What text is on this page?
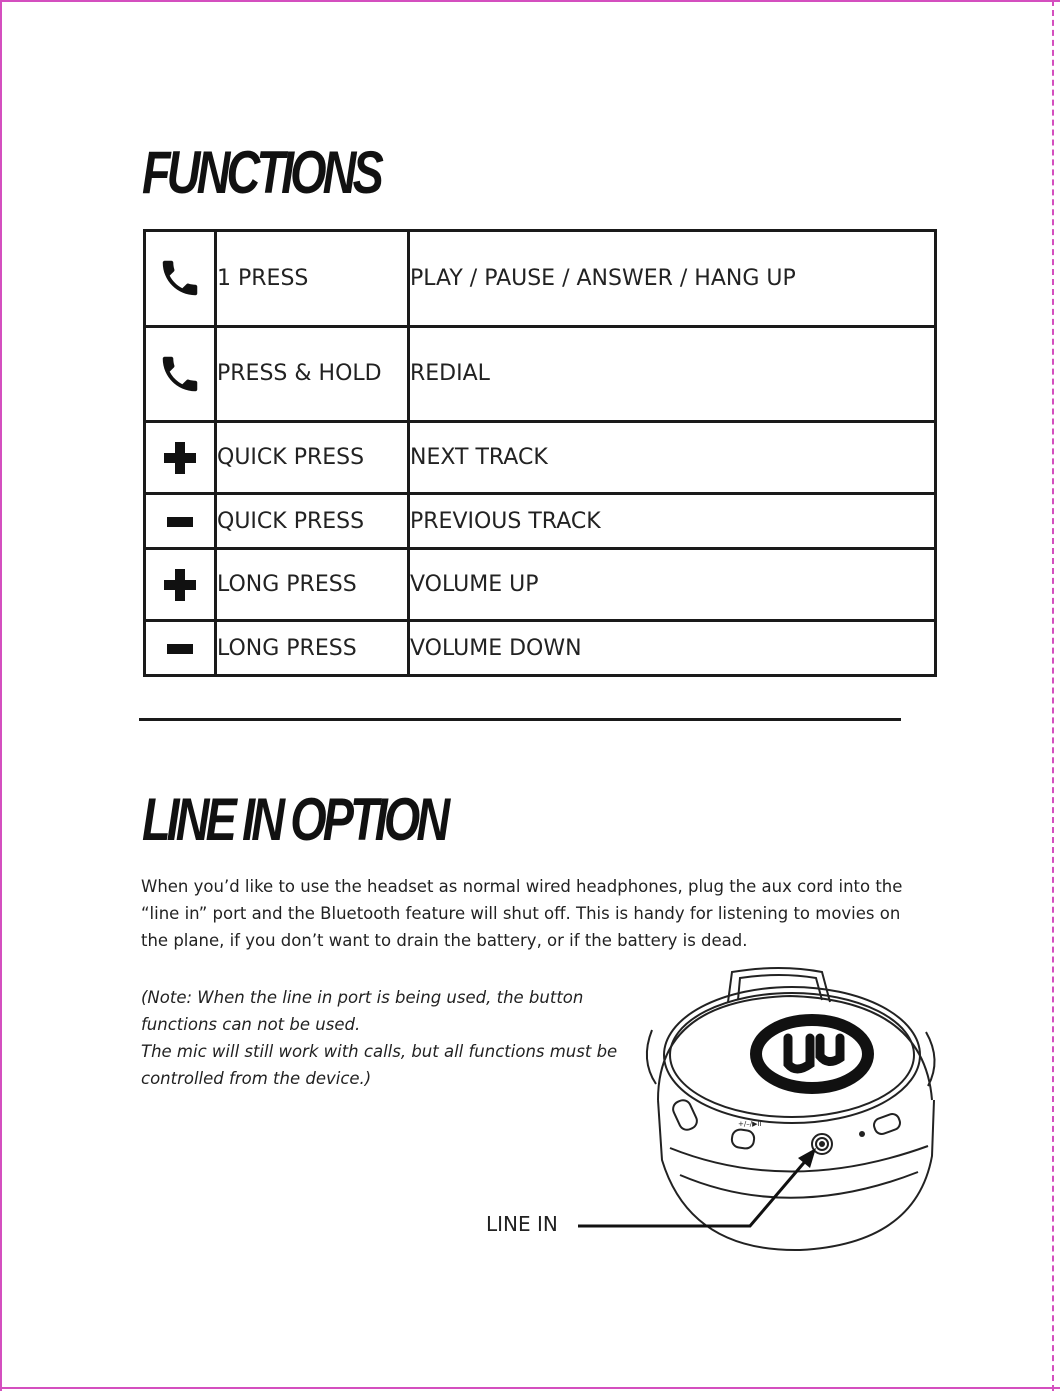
FUNCTIONS
	1 PRESS	PLAY / PAUSE / ANSWER / HANG UP
	PRESS & HOLD	REDIAL
	QUICK PRESS	NEXT TRACK
	QUICK PRESS	PREVIOUS TRACK
	LONG PRESS	VOLUME UP
	LONG PRESS	VOLUME DOWN
LINE IN OPTION

When you’d like to use the headset as normal wired headphones, plug the aux cord into the “line in” port and the Bluetooth feature will shut off. This is handy for listening to movies on the plane, if you don’t want to drain the battery, or if the battery is dead.

(Note: When the line in port is being used, the button functions can not be used.
The mic will still work with calls, but all functions must be controlled from the device.)

+/–/▶II
LINE IN
